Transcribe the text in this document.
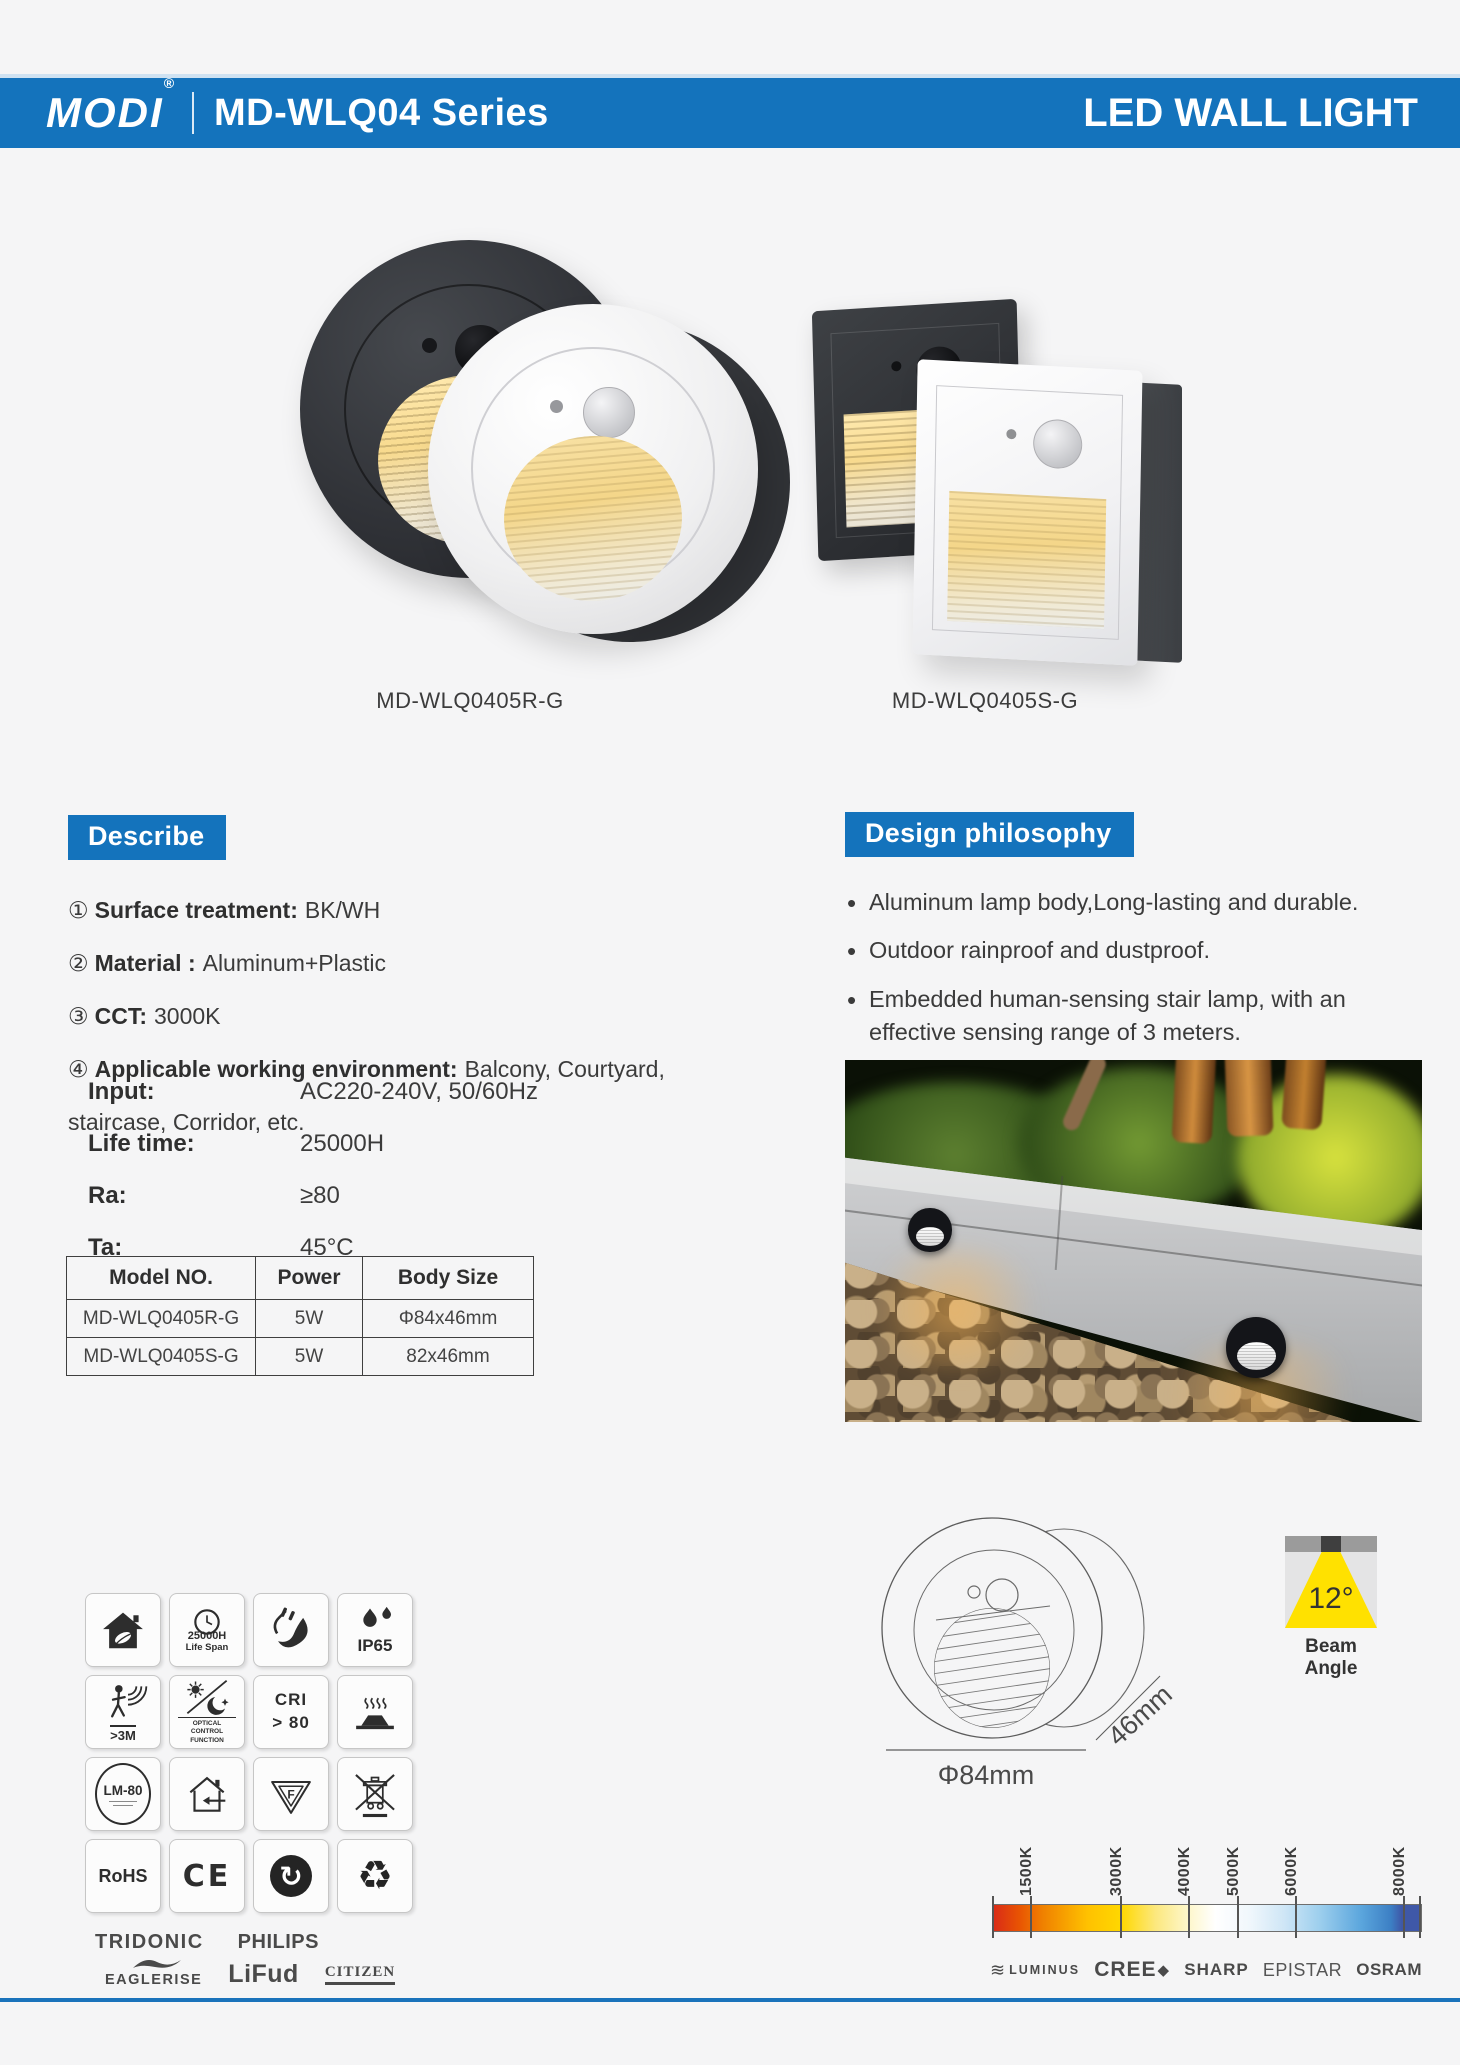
MODI®
MD-WLQ04 Series	LED WALL LIGHT
MD-WLQ0405R-G	MD-WLQ0405S-G
Describe
① Surface treatment: BK/WH
② Material : Aluminum+Plastic
③ CCT: 3000K
④ Applicable working environment: Balcony, Courtyard,
staircase, Corridor, etc.
Input:	AC220-240V, 50/60Hz
Life time:	25000H
Ra:	≥80
Ta:	45°C
Model NO.	Power	Body Size
MD-WLQ0405R-G	5W	Φ84x46mm
MD-WLQ0405S-G	5W	82x46mm
Design philosophy
• Aluminum lamp body,Long-lasting and durable.
• Outdoor rainproof and dustproof.
• Embedded human-sensing stair lamp, with an effective sensing range of 3 meters.
25000H
Life Span	IP65
>3M
OPTICAL CONTROL FUNCTION
CRI
> 80
LM-80	F
RoHS CE ↻ ♻
TRIDONIC PHILIPS
EAGLERISE LiFud CITIZEN
Φ84mm
46mm
12°
Beam Angle
1500K	3000K	4000K 5000K	6000K	8000K
≋ LUMINUS CREE ◆ SHARP EPISTAR OSRAM
